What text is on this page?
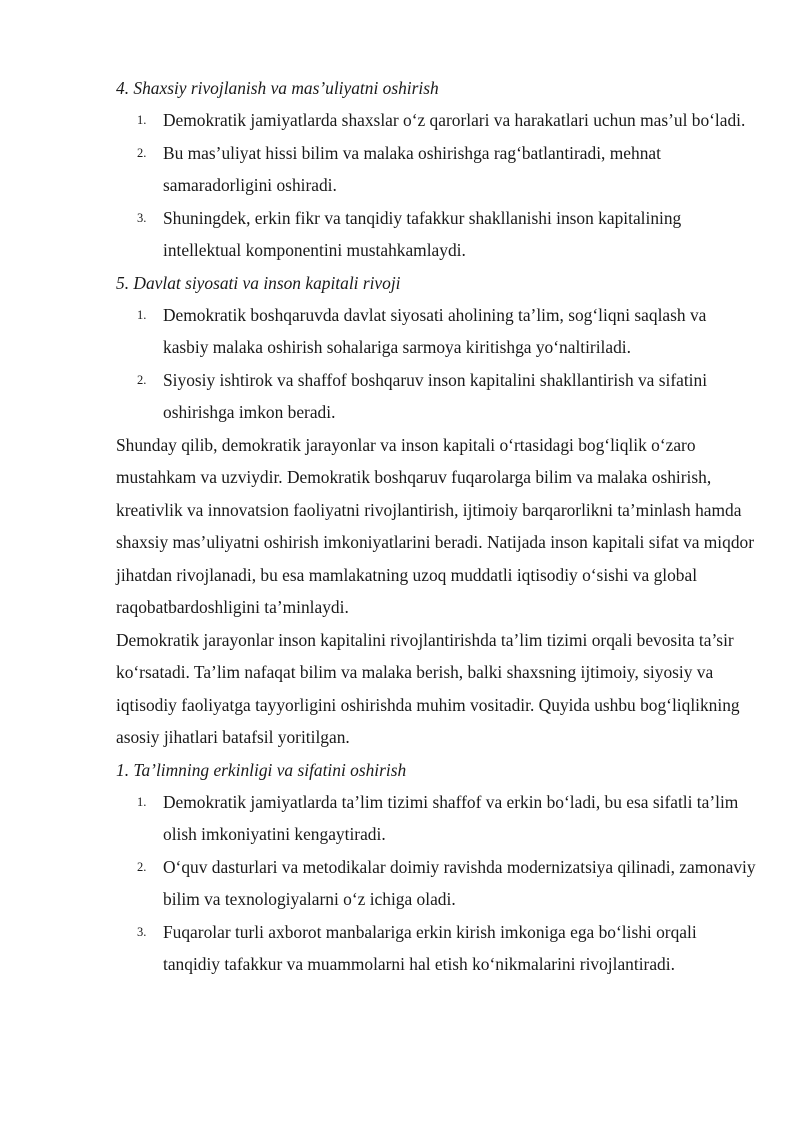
4. Shaxsiy rivojlanish va mas’uliyatni oshirish
1. Demokratik jamiyatlarda shaxslar o‘z qarorlari va harakatlari uchun mas’ul bo‘ladi.
2. Bu mas’uliyat hissi bilim va malaka oshirishga rag‘batlantiradi, mehnat samaradorligini oshiradi.
3. Shuningdek, erkin fikr va tanqidiy tafakkur shakllanishi inson kapitalining intellektual komponentini mustahkamlaydi.
5. Davlat siyosati va inson kapitali rivoji
1. Demokratik boshqaruvda davlat siyosati aholining ta’lim, sog‘liqni saqlash va kasbiy malaka oshirish sohalariga sarmoya kiritishga yo‘naltiriladi.
2. Siyosiy ishtirok va shaffof boshqaruv inson kapitalini shakllantirish va sifatini oshirishga imkon beradi.

Shunday qilib, demokratik jarayonlar va inson kapitali o‘rtasidagi bog‘liqlik o‘zaro mustahkam va uzviydir. Demokratik boshqaruv fuqarolarga bilim va malaka oshirish, kreativlik va innovatsion faoliyatni rivojlantirish, ijtimoiy barqarorlikni ta’minlash hamda shaxsiy mas’uliyatni oshirish imkoniyatlarini beradi. Natijada inson kapitali sifat va miqdor jihatdan rivojlanadi, bu esa mamlakatning uzoq muddatli iqtisodiy o‘sishi va global raqobatbardoshligini ta’minlaydi.

Demokratik jarayonlar inson kapitalini rivojlantirishda ta’lim tizimi orqali bevosita ta’sir ko‘rsatadi. Ta’lim nafaqat bilim va malaka berish, balki shaxsning ijtimoiy, siyosiy va iqtisodiy faoliyatga tayyorligini oshirishda muhim vositadir. Quyida ushbu bog‘liqlikning asosiy jihatlari batafsil yoritilgan.

1. Ta’limning erkinligi va sifatini oshirish
1. Demokratik jamiyatlarda ta’lim tizimi shaffof va erkin bo‘ladi, bu esa sifatli ta’lim olish imkoniyatini kengaytiradi.
2. O‘quv dasturlari va metodikalar doimiy ravishda modernizatsiya qilinadi, zamonaviy bilim va texnologiyalarni o‘z ichiga oladi.
3. Fuqarolar turli axborot manbalariga erkin kirish imkoniga ega bo‘lishi orqali tanqidiy tafakkur va muammolarni hal etish ko‘nikmalarini rivojlantiradi.
